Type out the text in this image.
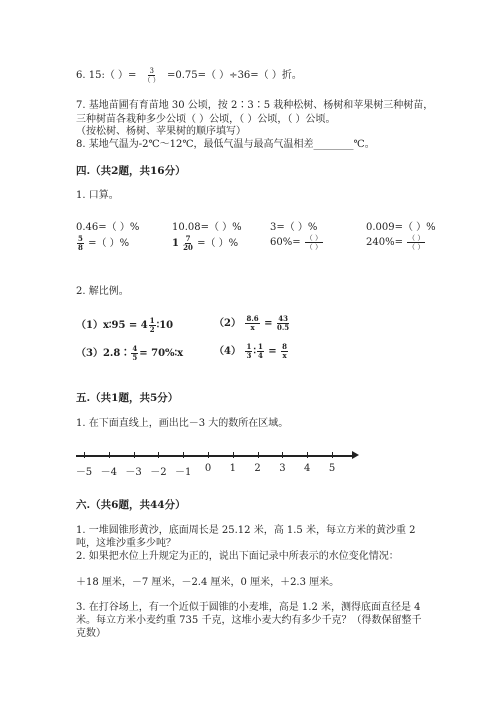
6. 15:（ ）= $\frac{3}{( )} =0.75=$（ ）÷36=（ ）折。
7. 基地苗圃有育苗地 30 公顷，按 2∶3∶5 栽种松树、杨树和苹果树三种树苗，
三种树苗各栽种多少公顷（ ）公顷，（ ）公顷，（ ）公顷。
（按松树、杨树、苹果树的顺序填写）
8. 某地气温为-2℃～12℃，最低气温与最高气温相差________℃。
四.（共2题，共16分）
1. 口算。
0.46=（ ）%	10.08=（ ）%	3=（ ）%	0.009=（ ）%
$\frac{5}{8}$ =（ ）%	$1 \frac{7}{20}$ =（ ）%	$60\%= \frac{( )}{( )}$	$240\%= \frac{( )}{( )}$
2. 解比例。
（1）x∶95 = $4 \frac{1}{2}$ ∶10	$(2) \frac{8.6}{x} = \frac{43}{0.5}$
（3）2.8∶ $\frac{4}{5}$ = 70%∶x	$(4) \frac{1}{3}$ ∶ $\frac{1}{4} = \frac{8}{x}$
五.（共1题，共5分）
1. 在下面直线上，画出比－3 大的数所在区域。
－5 －4 －3 －2 －1 0 1 2 3 4 5
六.（共6题，共44分）
1. 一堆圆锥形黄沙，底面周长是 25.12 米，高 1.5 米，每立方米的黄沙重 2
吨，这堆沙重多少吨？
2. 如果把水位上升规定为正的，说出下面记录中所表示的水位变化情况：
＋18 厘米，－7 厘米，－2.4 厘米，0 厘米，＋2.3 厘米。
3. 在打谷场上，有一个近似于圆锥的小麦堆，高是 1.2 米，测得底面直径是 4
米。每立方米小麦约重 735 千克，这堆小麦大约有多少千克？（得数保留整千
克数）
